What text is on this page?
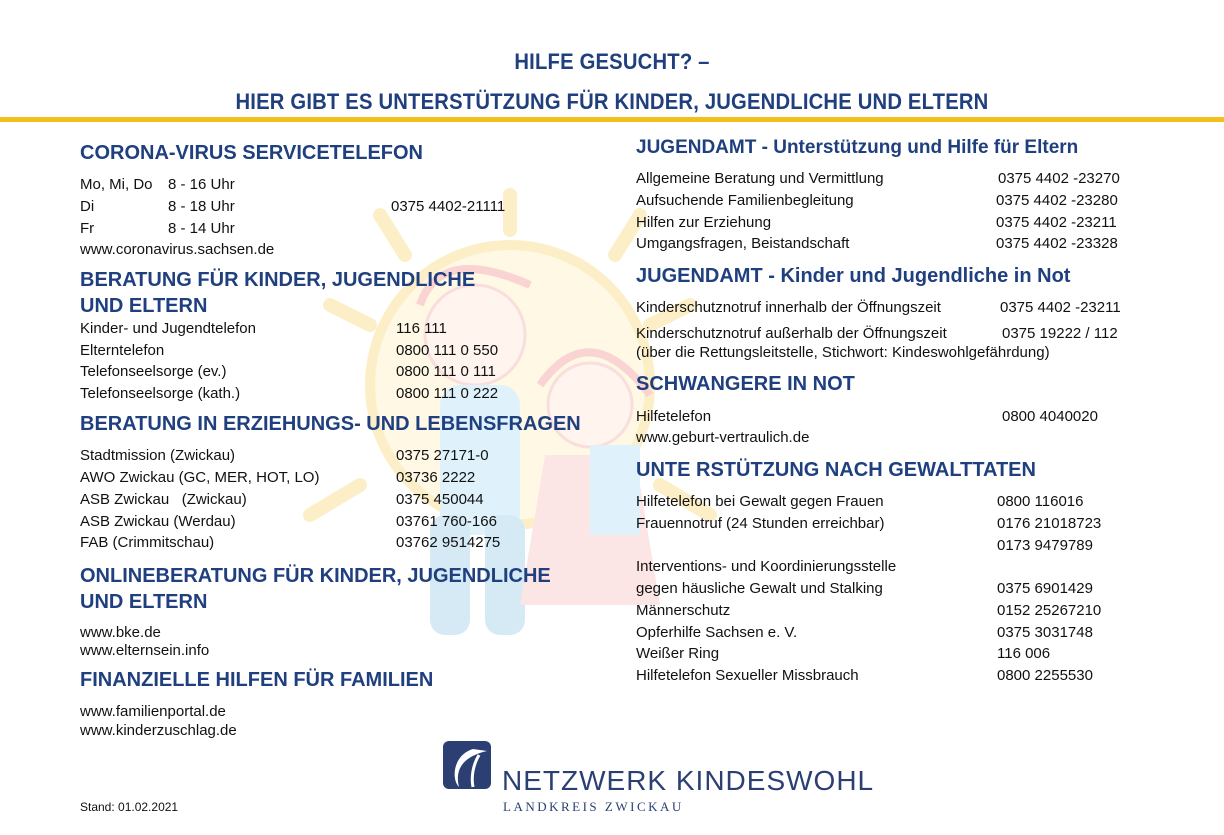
HILFE GESUCHT? –
HIER GIBT ES UNTERSTÜTZUNG FÜR KINDER, JUGENDLICHE UND ELTERN
CORONA-VIRUS SERVICETELEFON
Mo, Mi, Do 8 - 16 Uhr
Di	8 - 18 Uhr	0375 4402-21111
Fr	8 - 14 Uhr
www.coronavirus.sachsen.de
BERATUNG FÜR KINDER, JUGENDLICHE
UND ELTERN
Kinder- und Jugendtelefon	116 111
Elterntelefon	0800 111 0 550
Telefonseelsorge (ev.)	0800 111 0 111
Telefonseelsorge (kath.)	0800 111 0 222
BERATUNG IN ERZIEHUNGS- UND LEBENSFRAGEN
Stadtmission (Zwickau)	0375 27171-0
AWO Zwickau (GC, MER, HOT, LO)	03736 2222
ASB Zwickau   (Zwickau)	0375 450044
ASB Zwickau (Werdau)	03761 760-166
FAB (Crimmitschau)	03762 9514275
ONLINEBERATUNG FÜR KINDER, JUGENDLICHE
UND ELTERN
www.bke.de
www.elternsein.info
FINANZIELLE HILFEN FÜR FAMILIEN
www.familienportal.de
www.kinderzuschlag.de
JUGENDAMT - Unterstützung und Hilfe für Eltern
Allgemeine Beratung und Vermittlung	0375 4402 -23270
Aufsuchende Familienbegleitung	0375 4402 -23280
Hilfen zur Erziehung	0375 4402 -23211
Umgangsfragen, Beistandschaft	0375 4402 -23328
JUGENDAMT - Kinder und Jugendliche in Not
Kinderschutznotruf innerhalb der Öffnungszeit	0375 4402 -23211
Kinderschutznotruf außerhalb der Öffnungszeit	0375 19222 / 112
(über die Rettungsleitstelle, Stichwort: Kindeswohlgefährdung)
SCHWANGERE IN NOT
Hilfetelefon	0800 4040020
www.geburt-vertraulich.de
UNTE RSTÜTZUNG NACH GEWALTTATEN
Hilfetelefon bei Gewalt gegen Frauen	0800 116016
Frauennotruf (24 Stunden erreichbar)	0176 21018723
0173 9479789
Interventions- und Koordinierungsstelle
gegen häusliche Gewalt und Stalking	0375 6901429
Männerschutz	0152 25267210
Opferhilfe Sachsen e. V.	0375 3031748
Weißer Ring	116 006
Hilfetelefon Sexueller Missbrauch	0800 2255530
NETZWERK KINDESWOHL
LANDKREIS ZWICKAU
Stand: 01.02.2021
